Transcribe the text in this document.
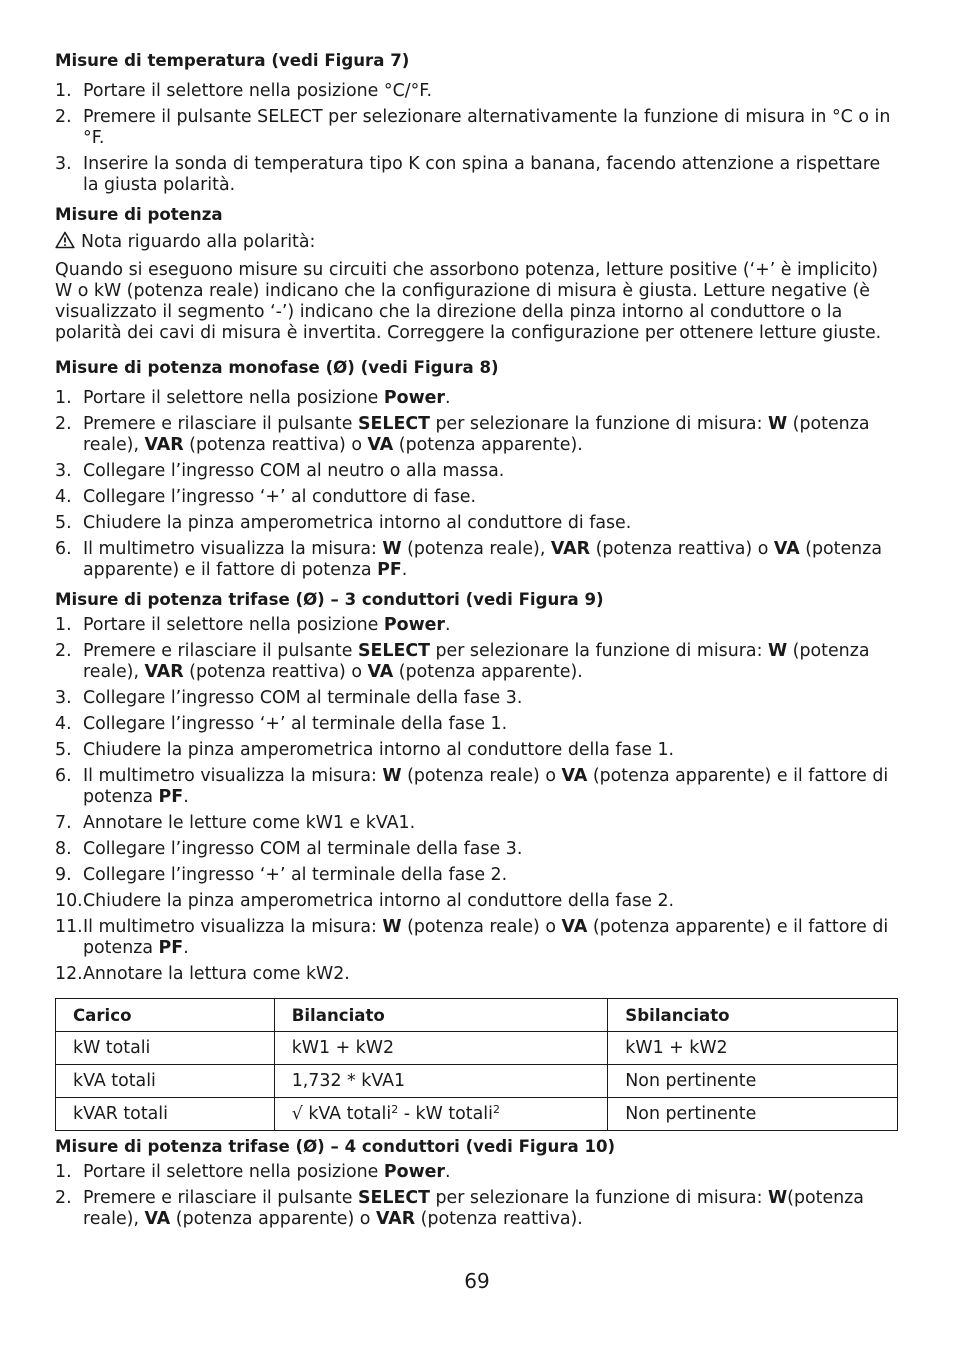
Misure di temperatura (vedi Figura 7)

1. Portare il selettore nella posizione °C/°F.
2. Premere il pulsante SELECT per selezionare alternativamente la funzione di misura in °C o in °F.
3. Inserire la sonda di temperatura tipo K con spina a banana, facendo attenzione a rispettare la giusta polarità.

Misure di potenza

Nota riguardo alla polarità:

Quando si eseguono misure su circuiti che assorbono potenza, letture positive (‘+’ è implicito) W o kW (potenza reale) indicano che la configurazione di misura è giusta. Letture negative (è visualizzato il segmento ‘-’) indicano che la direzione della pinza intorno al conduttore o la polarità dei cavi di misura è invertita. Correggere la configurazione per ottenere letture giuste.

Misure di potenza monofase (Ø) (vedi Figura 8)

1. Portare il selettore nella posizione Power.
2. Premere e rilasciare il pulsante SELECT per selezionare la funzione di misura: W (potenza reale), VAR (potenza reattiva) o VA (potenza apparente).
3. Collegare l’ingresso COM al neutro o alla massa.
4. Collegare l’ingresso ‘+’ al conduttore di fase.
5. Chiudere la pinza amperometrica intorno al conduttore di fase.
6. Il multimetro visualizza la misura: W (potenza reale), VAR (potenza reattiva) o VA (potenza apparente) e il fattore di potenza PF.

Misure di potenza trifase (Ø) – 3 conduttori (vedi Figura 9)

1. Portare il selettore nella posizione Power.
2. Premere e rilasciare il pulsante SELECT per selezionare la funzione di misura: W (potenza reale), VAR (potenza reattiva) o VA (potenza apparente).
3. Collegare l’ingresso COM al terminale della fase 3.
4. Collegare l’ingresso ‘+’ al terminale della fase 1.
5. Chiudere la pinza amperometrica intorno al conduttore della fase 1.
6. Il multimetro visualizza la misura: W (potenza reale) o VA (potenza apparente) e il fattore di potenza PF.
7. Annotare le letture come kW1 e kVA1.
8. Collegare l’ingresso COM al terminale della fase 3.
9. Collegare l’ingresso ‘+’ al terminale della fase 2.
10. Chiudere la pinza amperometrica intorno al conduttore della fase 2.
11. Il multimetro visualizza la misura: W (potenza reale) o VA (potenza apparente) e il fattore di potenza PF.
12. Annotare la lettura come kW2.
Carico	Bilanciato	Sbilanciato
kW totali	kW1 + kW2	kW1 + kW2
kVA totali	1,732 * kVA1	Non pertinente
kVAR totali	√ kVA totali$^2$ - kW totali$^2$	Non pertinente

Misure di potenza trifase (Ø) – 4 conduttori (vedi Figura 10)

1. Portare il selettore nella posizione Power.
2. Premere e rilasciare il pulsante SELECT per selezionare la funzione di misura: W(potenza reale), VA (potenza apparente) o VAR (potenza reattiva).
69
